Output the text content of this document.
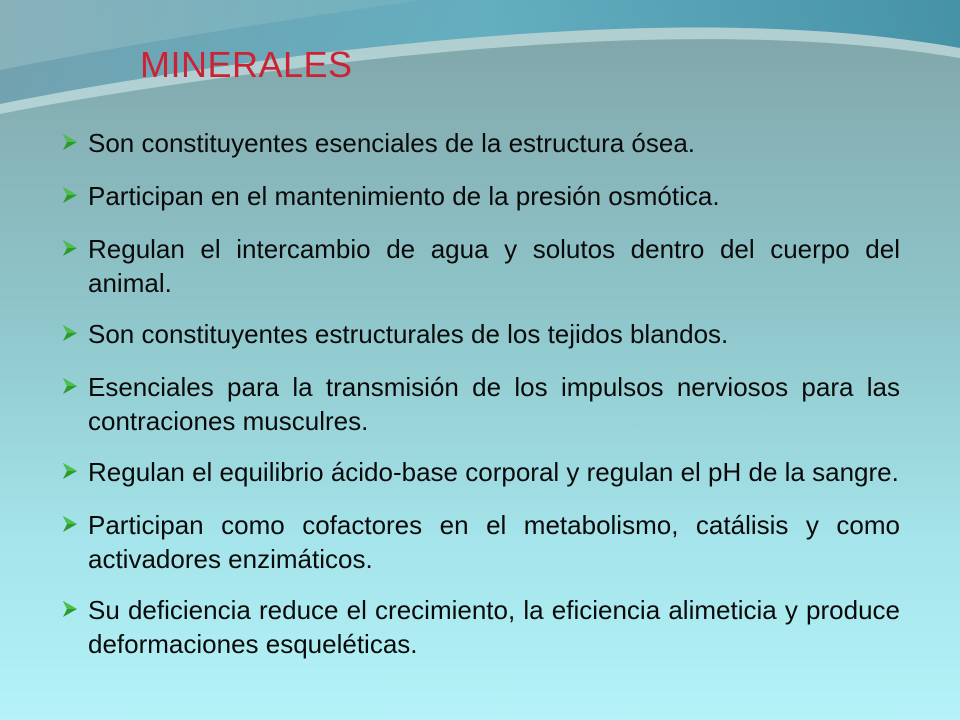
MINERALES
Son constituyentes esenciales de la estructura ósea.
Participan en el mantenimiento de la presión osmótica.
Regulan el intercambio de agua y solutos dentro del cuerpo del animal.
Son constituyentes estructurales de los tejidos blandos.
Esenciales para la transmisión de los impulsos nerviosos para las contraciones musculres.
Regulan el equilibrio ácido-base corporal y regulan el pH de la sangre.
Participan como cofactores en el metabolismo, catálisis y como activadores enzimáticos.
Su deficiencia reduce el crecimiento, la eficiencia alimeticia y produce deformaciones esqueléticas.
